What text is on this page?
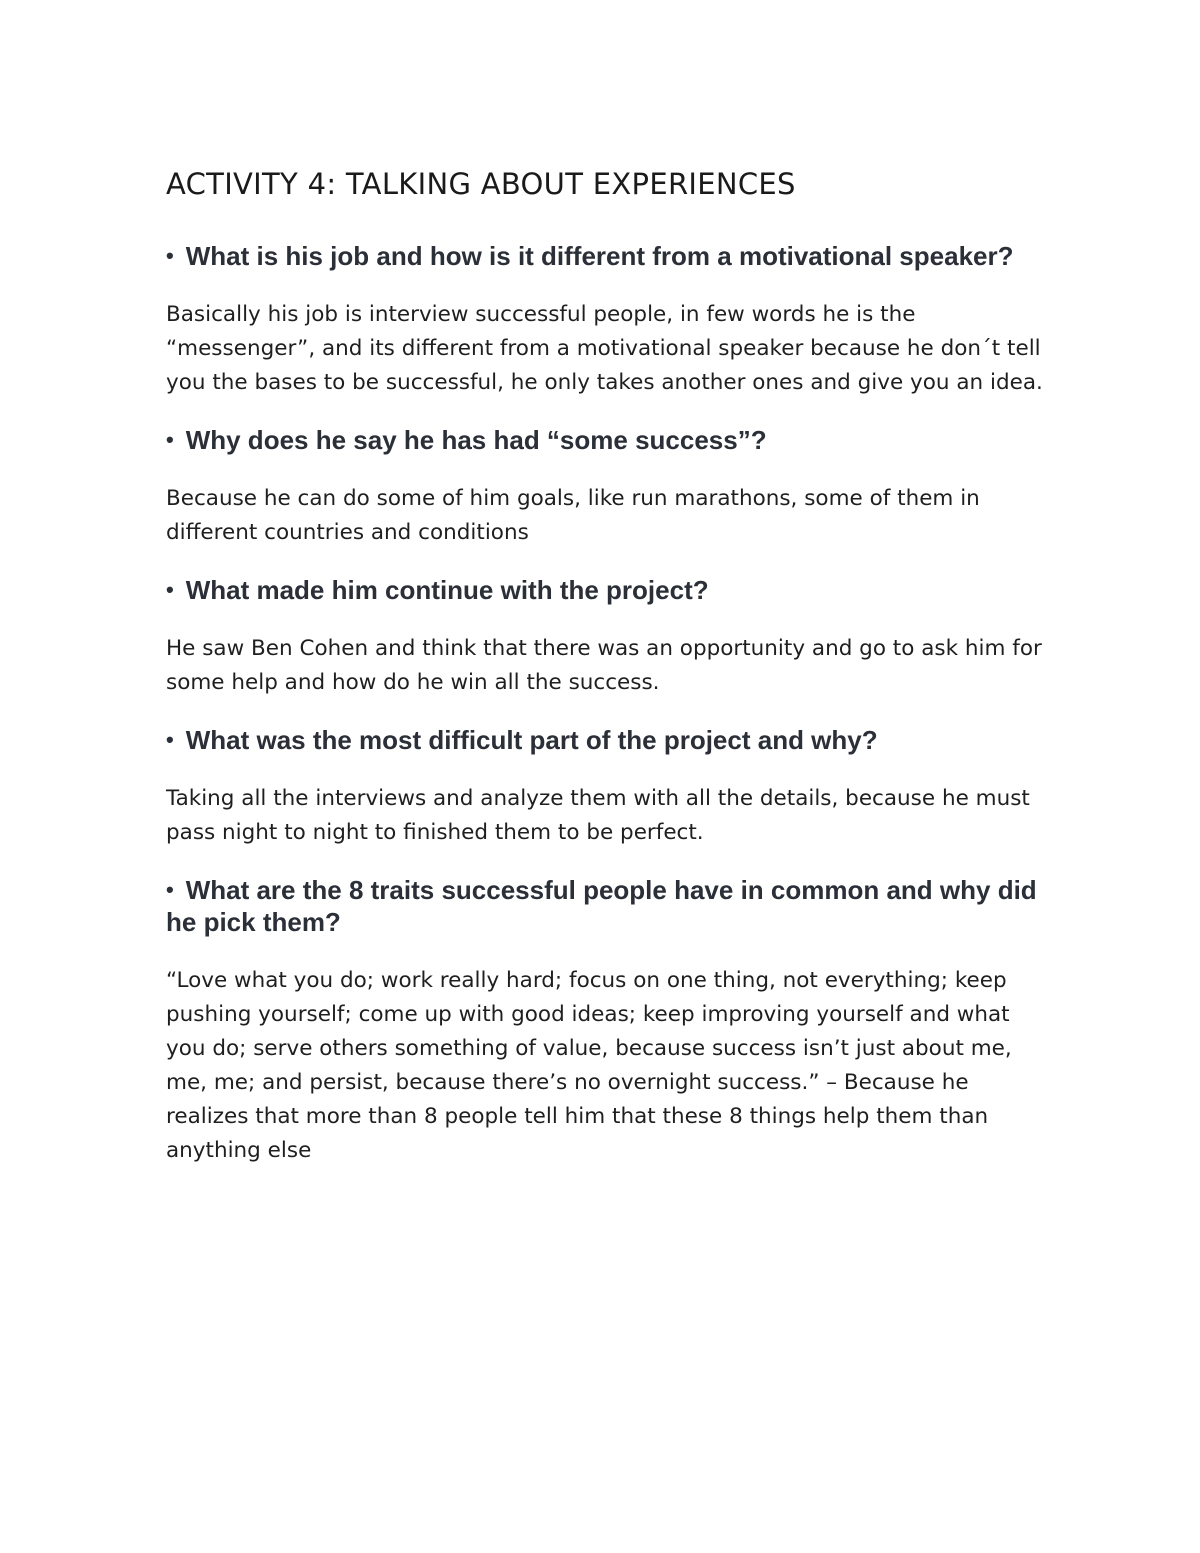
ACTIVITY 4: TALKING ABOUT EXPERIENCES

• What is his job and how is it different from a motivational speaker?

Basically his job is interview successful people, in few words he is the “messenger”, and its different from a motivational speaker because he don´t tell you the bases to be successful, he only takes another ones and give you an idea.

• Why does he say he has had “some success”?

Because he can do some of him goals, like run marathons, some of them in different countries and conditions

• What made him continue with the project?

He saw Ben Cohen and think that there was an opportunity and go to ask him for some help and how do he win all the success.

• What was the most difficult part of the project and why?

Taking all the interviews and analyze them with all the details, because he must pass night to night to finished them to be perfect.

• What are the 8 traits successful people have in common and why did he pick them?

“Love what you do; work really hard; focus on one thing, not everything; keep pushing yourself; come up with good ideas; keep improving yourself and what you do; serve others something of value, because success isn’t just about me, me, me; and persist, because there’s no overnight success.” – Because he realizes that more than 8 people tell him that these 8 things help them than anything else
